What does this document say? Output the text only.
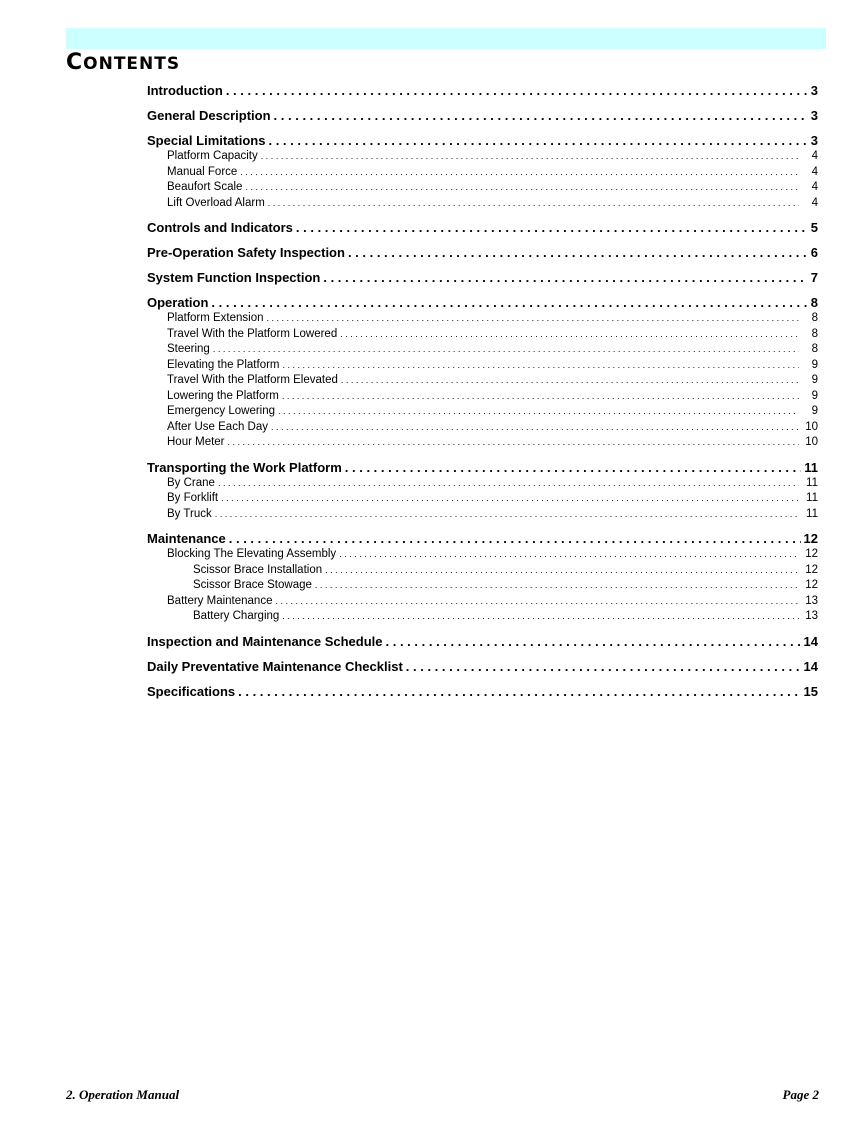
CONTENTS
Introduction . . .	3
General Description . . .	3
Special Limitations . . .	3
Platform Capacity . . .	4
Manual Force . . .	4
Beaufort Scale . . .	4
Lift Overload Alarm . . .	4
Controls and Indicators . . .	5
Pre-Operation Safety Inspection . . .	6
System Function Inspection . . .	7
Operation . . .	8
Platform Extension . . .	8
Travel With the Platform Lowered . . .	8
Steering . . .	8
Elevating the Platform . . .	9
Travel With the Platform Elevated . . .	9
Lowering the Platform . . .	9
Emergency Lowering . . .	9
After Use Each Day . . .	10
Hour Meter . . .	10
Transporting the Work Platform . . .	11
By Crane . . .	11
By Forklift . . .	11
By Truck . . .	11
Maintenance . . .	12
Blocking The Elevating Assembly . . .	12
Scissor Brace Installation . . .	12
Scissor Brace Stowage . . .	12
Battery Maintenance . . .	13
Battery Charging . . .	13
Inspection and Maintenance Schedule . . .	14
Daily Preventative Maintenance Checklist . . .	14
Specifications . . .	15
2. Operation Manual	Page 2
